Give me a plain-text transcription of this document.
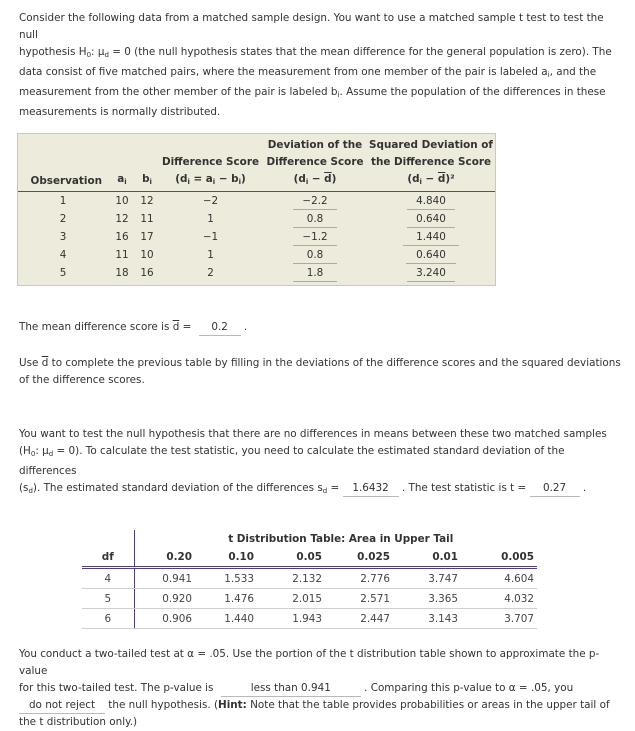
Consider the following data from a matched sample design. You want to use a matched sample t test to test the null
hypothesis $H_0$: $\mu_d = 0$ (the null hypothesis states that the mean difference for the general population is zero). The
data consist of five matched pairs, where the measurement from one member of the pair is labeled $a_i$, and the
measurement from the other member of the pair is labeled $b_i$. Assume the population of the differences in these
measurements is normally distributed.
				Deviation of the	Squared Deviation of
			Difference Score	Difference Score	the Difference Score
Observation	$a_i$	$b_i$	$(d_i = a_i - b_i)$	$(d_i - \overline{d})$	$(d_i - \overline{d})^2$
1	10	12	−2	−2.2	4.840
2	12	11	1	0.8	0.640
3	16	17	−1	−1.2	1.440
4	11	10	1	0.8	0.640
5	18	16	2	1.8	3.240
The mean difference score is $\overline{d} = 0.2$ .
Use $\overline{d}$ to complete the previous table by filling in the deviations of the difference scores and the squared deviations
of the difference scores.
You want to test the null hypothesis that there are no differences in means between these two matched samples
($H_0$: $\mu_d = 0$). To calculate the test statistic, you need to calculate the estimated standard deviation of the differences
$(s_d)$. The estimated standard deviation of the differences $s_d = 1.6432$ . The test statistic is t = 0.27 .
	t Distribution Table: Area in Upper Tail					
df	0.20	0.10	0.05	0.025	0.01	0.005
4	0.941	1.533	2.132	2.776	3.747	4.604
5	0.920	1.476	2.015	2.571	3.365	4.032
6	0.906	1.440	1.943	2.447	3.143	3.707
You conduct a two-tailed test at α = .05. Use the portion of the t distribution table shown to approximate the p-value
for this two-tailed test. The p-value is	less than 0.941	. Comparing this p-value to α = .05, you
do not reject the null hypothesis. (Hint: Note that the table provides probabilities or areas in the upper tail of
the t distribution only.)
